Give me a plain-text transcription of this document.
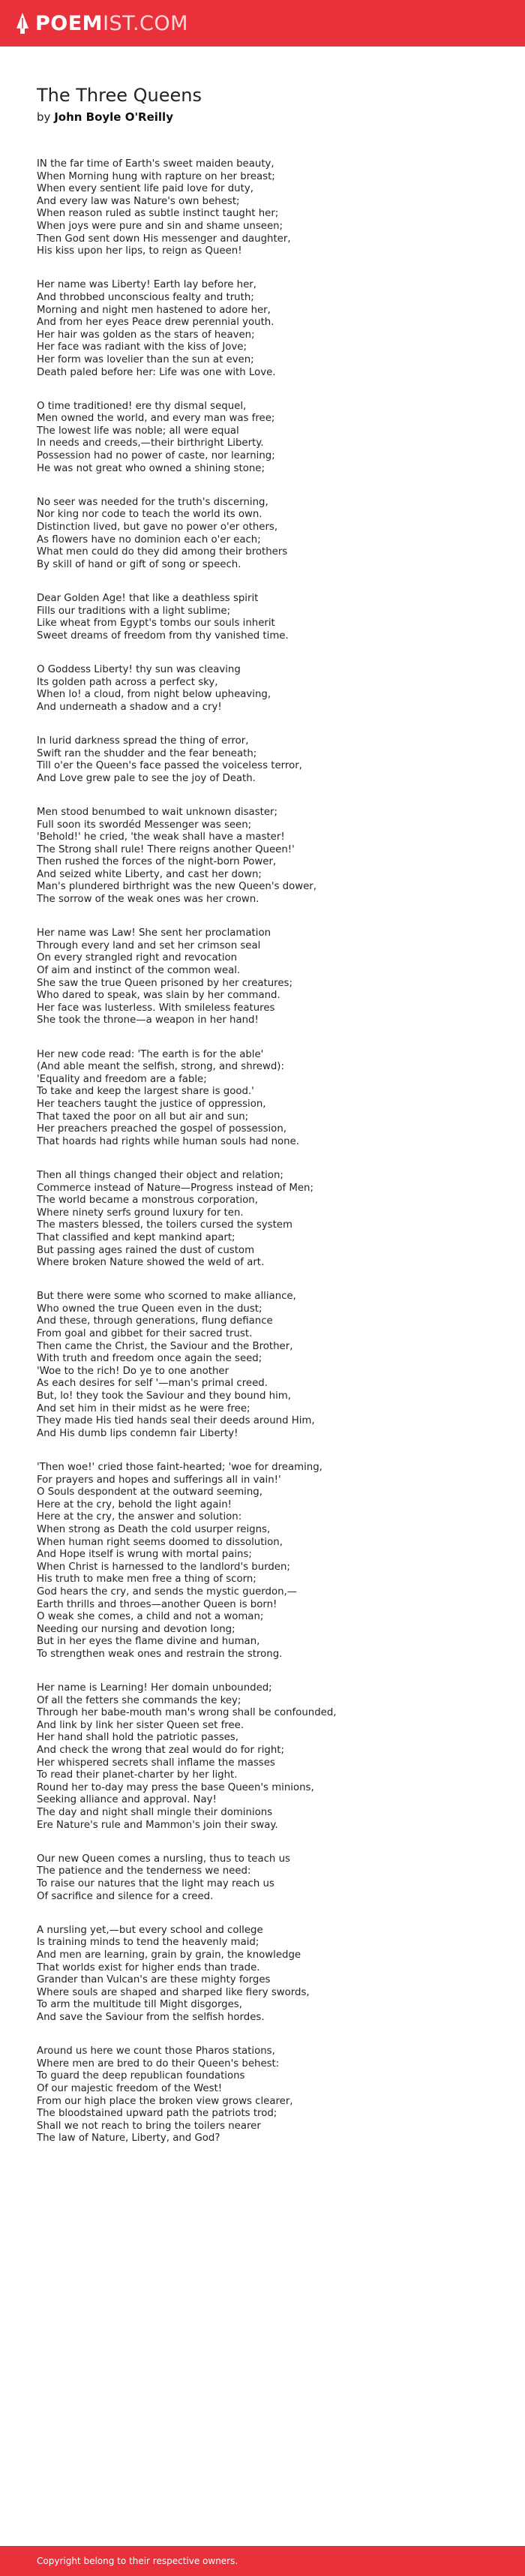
POEM IST.COM
The Three Queens
by John Boyle O'Reilly
IN the far time of Earth's sweet maiden beauty,
When Morning hung with rapture on her breast;
When every sentient life paid love for duty,
And every law was Nature's own behest;
When reason ruled as subtle instinct taught her;
When joys were pure and sin and shame unseen;
Then God sent down His messenger and daughter,
His kiss upon her lips, to reign as Queen!
Her name was Liberty! Earth lay before her,
And throbbed unconscious fealty and truth;
Morning and night men hastened to adore her,
And from her eyes Peace drew perennial youth.
Her hair was golden as the stars of heaven;
Her face was radiant with the kiss of Jove;
Her form was lovelier than the sun at even;
Death paled before her: Life was one with Love.
O time traditioned! ere thy dismal sequel,
Men owned the world, and every man was free;
The lowest life was noble; all were equal
In needs and creeds,—their birthright Liberty.
Possession had no power of caste, nor learning;
He was not great who owned a shining stone;
No seer was needed for the truth's discerning,
Nor king nor code to teach the world its own.
Distinction lived, but gave no power o'er others,
As flowers have no dominion each o'er each;
What men could do they did among their brothers
By skill of hand or gift of song or speech.
Dear Golden Age! that like a deathless spirit
Fills our traditions with a light sublime;
Like wheat from Egypt's tombs our souls inherit
Sweet dreams of freedom from thy vanished time.
O Goddess Liberty! thy sun was cleaving
Its golden path across a perfect sky,
When lo! a cloud, from night below upheaving,
And underneath a shadow and a cry!
In lurid darkness spread the thing of error,
Swift ran the shudder and the fear beneath;
Till o'er the Queen's face passed the voiceless terror,
And Love grew pale to see the joy of Death.
Men stood benumbed to wait unknown disaster;
Full soon its swordéd Messenger was seen;
'Behold!' he cried, 'the weak shall have a master!
The Strong shall rule! There reigns another Queen!'
Then rushed the forces of the night-born Power,
And seized white Liberty, and cast her down;
Man's plundered birthright was the new Queen's dower,
The sorrow of the weak ones was her crown.
Her name was Law! She sent her proclamation
Through every land and set her crimson seal
On every strangled right and revocation
Of aim and instinct of the common weal.
She saw the true Queen prisoned by her creatures;
Who dared to speak, was slain by her command.
Her face was lusterless. With smileless features
She took the throne—a weapon in her hand!
Her new code read: 'The earth is for the able'
(And able meant the selfish, strong, and shrewd):
'Equality and freedom are a fable;
To take and keep the largest share is good.'
Her teachers taught the justice of oppression,
That taxed the poor on all but air and sun;
Her preachers preached the gospel of possession,
That hoards had rights while human souls had none.
Then all things changed their object and relation;
Commerce instead of Nature—Progress instead of Men;
The world became a monstrous corporation,
Where ninety serfs ground luxury for ten.
The masters blessed, the toilers cursed the system
That classified and kept mankind apart;
But passing ages rained the dust of custom
Where broken Nature showed the weld of art.
But there were some who scorned to make alliance,
Who owned the true Queen even in the dust;
And these, through generations, flung defiance
From goal and gibbet for their sacred trust.
Then came the Christ, the Saviour and the Brother,
With truth and freedom once again the seed;
'Woe to the rich! Do ye to one another
As each desires for self '—man's primal creed.
But, lo! they took the Saviour and they bound him,
And set him in their midst as he were free;
They made His tied hands seal their deeds around Him,
And His dumb lips condemn fair Liberty!
'Then woe!' cried those faint-hearted; 'woe for dreaming,
For prayers and hopes and sufferings all in vain!'
O Souls despondent at the outward seeming,
Here at the cry, behold the light again!
Here at the cry, the answer and solution:
When strong as Death the cold usurper reigns,
When human right seems doomed to dissolution,
And Hope itself is wrung with mortal pains;
When Christ is harnessed to the landlord's burden;
His truth to make men free a thing of scorn;
God hears the cry, and sends the mystic guerdon,—
Earth thrills and throes—another Queen is born!
O weak she comes, a child and not a woman;
Needing our nursing and devotion long;
But in her eyes the flame divine and human,
To strengthen weak ones and restrain the strong.
Her name is Learning! Her domain unbounded;
Of all the fetters she commands the key;
Through her babe-mouth man's wrong shall be confounded,
And link by link her sister Queen set free.
Her hand shall hold the patriotic passes,
And check the wrong that zeal would do for right;
Her whispered secrets shall inflame the masses
To read their planet-charter by her light.
Round her to-day may press the base Queen's minions,
Seeking alliance and approval. Nay!
The day and night shall mingle their dominions
Ere Nature's rule and Mammon's join their sway.
Our new Queen comes a nursling, thus to teach us
The patience and the tenderness we need:
To raise our natures that the light may reach us
Of sacrifice and silence for a creed.
A nursling yet,—but every school and college
Is training minds to tend the heavenly maid;
And men are learning, grain by grain, the knowledge
That worlds exist for higher ends than trade.
Grander than Vulcan's are these mighty forges
Where souls are shaped and sharped like fiery swords,
To arm the multitude till Might disgorges,
And save the Saviour from the selfish hordes.
Around us here we count those Pharos stations,
Where men are bred to do their Queen's behest:
To guard the deep republican foundations
Of our majestic freedom of the West!
From our high place the broken view grows clearer,
The bloodstained upward path the patriots trod;
Shall we not reach to bring the toilers nearer
The law of Nature, Liberty, and God?
Copyright belong to their respective owners.
